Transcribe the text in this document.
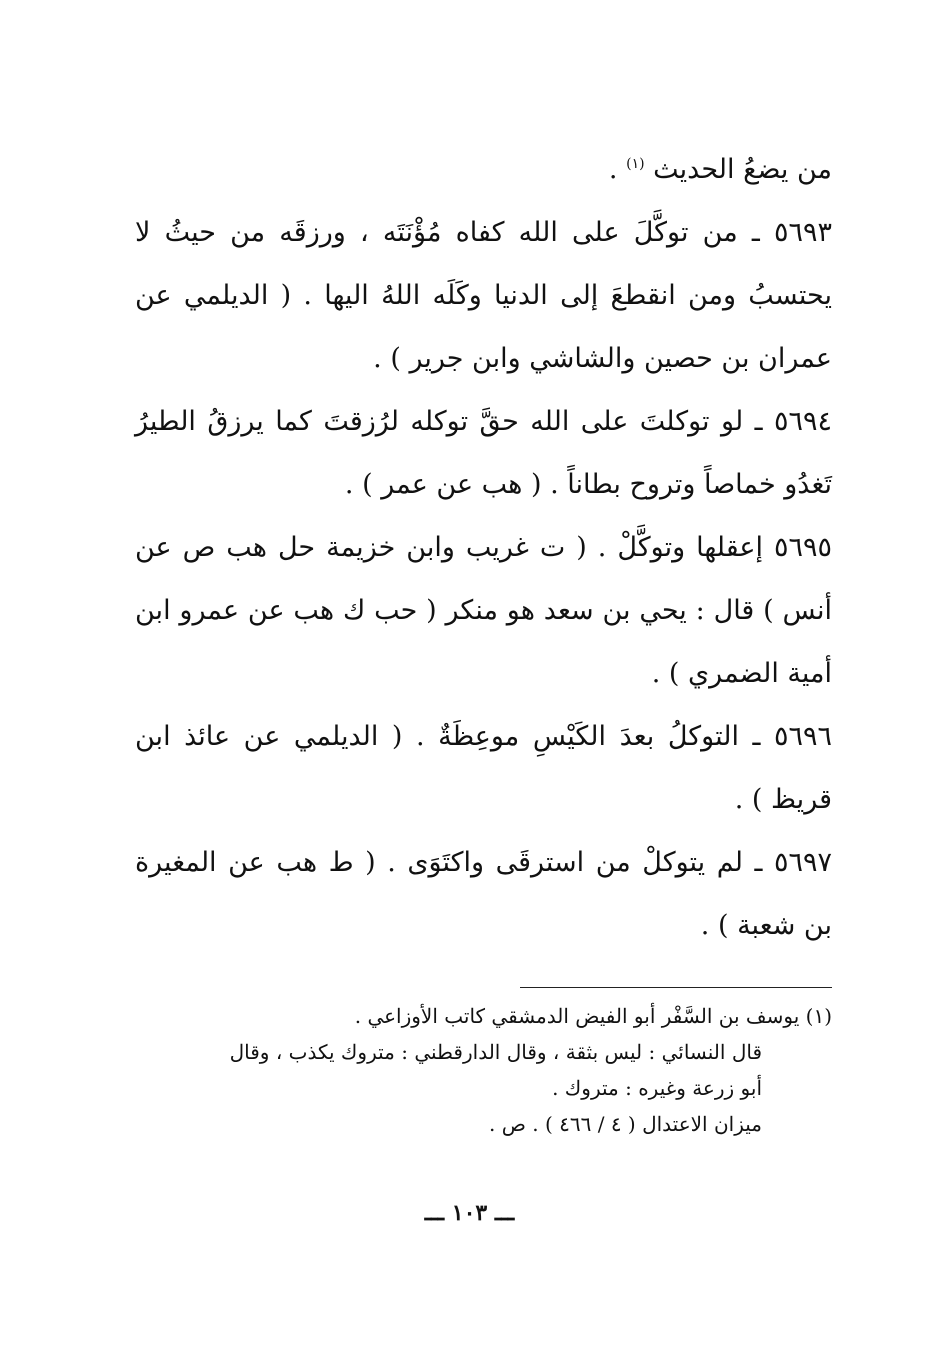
من يضعُ الحديث $^{(١)}$ .

٥٦٩٣ ـ من توكَّلَ على الله كفاه مُؤْنَتَه ، ورزقَه من حيثُ لا يحتسبُ ومن انقطعَ إلى الدنيا وكَلَه اللهُ اليها . ( الديلمي عن عمران بن حصين والشاشي وابن جرير ) .

٥٦٩٤ ـ لو توكلتَ على الله حقَّ توكله لرُزقتَ كما يرزقُ الطيرُ تَغدُو خماصاً وتروح بطاناً . ( هب عن عمر ) .

٥٦٩٥ إعقلها وتوكَّلْ . ( ت غريب وابن خزيمة حل هب ص عن أنس ) قال : يحي بن سعد هو منكر ( حب ك هب عن عمرو ابن أمية الضمري ) .

٥٦٩٦ ـ التوكلُ بعدَ الكَيْسِ موعِظَةٌ . ( الديلمي عن عائذ ابن قريظ ) .

٥٦٩٧ ـ لم يتوكلْ من استرقَى واكتَوَى . ( ط هب عن المغيرة بن شعبة ) .

(١) يوسف بن السَّفْر أبو الفيض الدمشقي كاتب الأوزاعي .

قال النسائي : ليس بثقة ، وقال الدارقطني : متروك يكذب ، وقال

أبو زرعة وغيره : متروك .

ميزان الاعتدال ( ٤ / ٤٦٦ ) . ص .

ـــ ١٠٣ ـــ
